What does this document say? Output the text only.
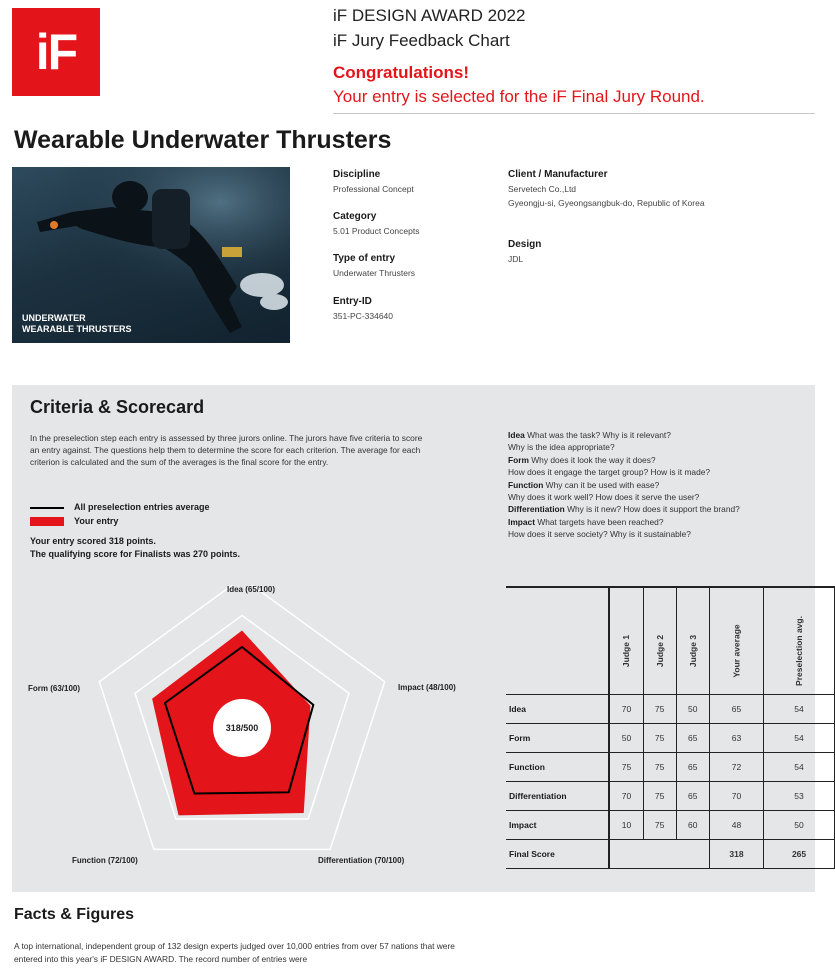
iF
iF DESIGN AWARD 2022
iF Jury Feedback Chart
Congratulations!
Your entry is selected for the iF Final Jury Round.
Wearable Underwater Thrusters
UNDERWATER
WEARABLE THRUSTERS
Discipline
Professional Concept
Category
5.01 Product Concepts
Type of entry
Underwater Thrusters
Entry-ID
351-PC-334640
Client / Manufacturer
Servetech Co.,Ltd
Gyeongju-si, Gyeongsangbuk-do, Republic of Korea
Design
JDL
Criteria & Scorecard
In the preselection step each entry is assessed by three jurors online. The jurors have five criteria to score an entry against. The questions help them to determine the score for each criterion. The average for each criterion is calculated and the sum of the averages is the final score for the entry.
All preselection entries average
Your entry
Your entry scored 318 points.
The qualifying score for Finalists was 270 points.
Idea What was the task? Why is it relevant?
Why is the idea appropriate?
Form Why does it look the way it does?
How does it engage the target group? How is it made?
Function Why can it be used with ease?
Why does it work well? How does it serve the user?
Differentiation Why is it new? How does it support the brand?
Impact What targets have been reached?
How does it serve society? Why is it sustainable?
318/500
Idea (65/100)
Impact (48/100)
Differentiation (70/100)
Function (72/100)
Form (63/100)
	Judge 1	Judge 2	Judge 3	Your average	Preselection avg.
Idea	70	75	50	65	54
Form	50	75	65	63	54
Function	75	75	65	72	54
Differentiation	70	75	65	70	53
Impact	10	75	60	48	50
Final Score				318	265
Facts & Figures
A top international, independent group of 132 design experts judged over 10,000 entries from over 57 nations that were entered into this year's iF DESIGN AWARD. The record number of entries were
